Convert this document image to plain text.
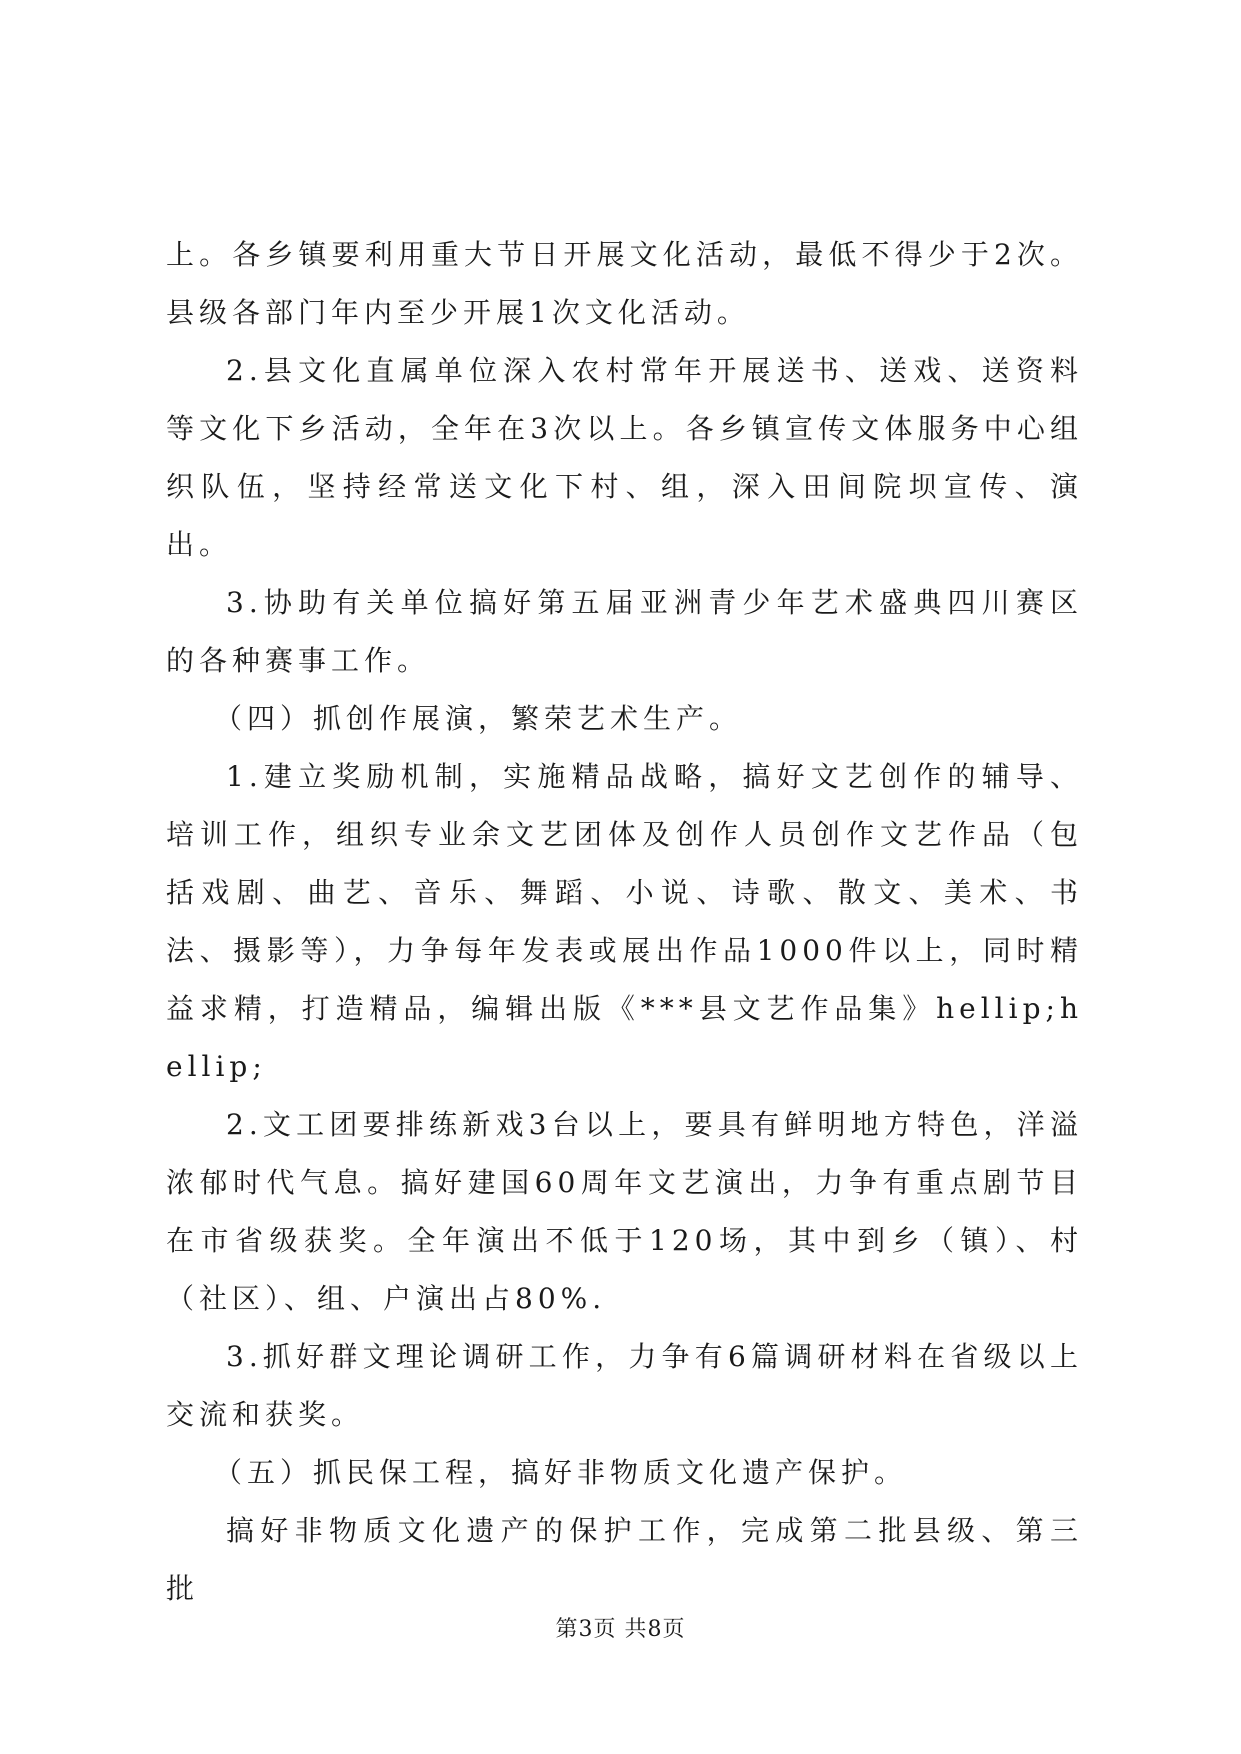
上。各乡镇要利用重大节日开展文化活动，最低不得少于2次。县级各部门年内至少开展1次文化活动。

2.县文化直属单位深入农村常年开展送书、送戏、送资料等文化下乡活动，全年在3次以上。各乡镇宣传文体服务中心组织队伍，坚持经常送文化下村、组，深入田间院坝宣传、演出。

3.协助有关单位搞好第五届亚洲青少年艺术盛典四川赛区的各种赛事工作。

（四）抓创作展演，繁荣艺术生产。

1.建立奖励机制，实施精品战略，搞好文艺创作的辅导、培训工作，组织专业余文艺团体及创作人员创作文艺作品（包括戏剧、曲艺、音乐、舞蹈、小说、诗歌、散文、美术、书法、摄影等），力争每年发表或展出作品1000件以上，同时精益求精，打造精品，编辑出版《***县文艺作品集》hellip;hellip;

2.文工团要排练新戏3台以上，要具有鲜明地方特色，洋溢浓郁时代气息。搞好建国60周年文艺演出，力争有重点剧节目在市省级获奖。全年演出不低于120场，其中到乡（镇）、村（社区）、组、户演出占80%.

3.抓好群文理论调研工作，力争有6篇调研材料在省级以上交流和获奖。

（五）抓民保工程，搞好非物质文化遗产保护。

搞好非物质文化遗产的保护工作，完成第二批县级、第三批

第3页 共8页
